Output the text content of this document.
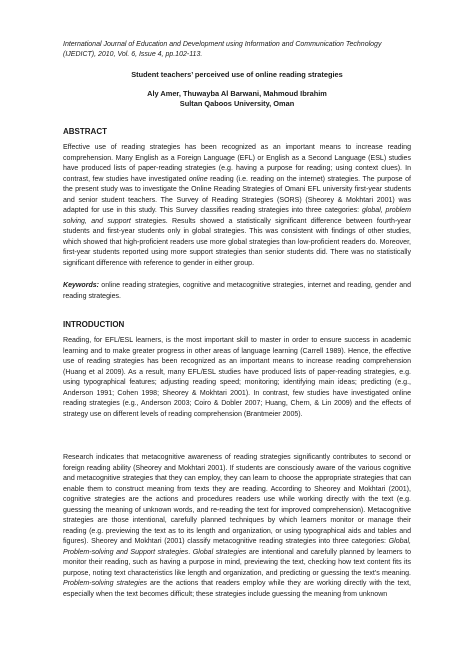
International Journal of Education and Development using Information and Communication Technology
(IJEDICT), 2010, Vol. 6, Issue 4, pp.102-113.
Student teachers’ perceived use of online reading strategies
Aly Amer, Thuwayba Al Barwani, Mahmoud Ibrahim
Sultan Qaboos University, Oman
ABSTRACT
Effective use of reading strategies has been recognized as an important means to increase reading comprehension. Many English as a Foreign Language (EFL) or English as a Second Language (ESL) studies have produced lists of paper-reading strategies (e.g. having a purpose for reading; using context clues). In contrast, few studies have investigated online reading (i.e. reading on the internet) strategies. The purpose of the present study was to investigate the Online Reading Strategies of Omani EFL university first-year students and senior student teachers. The Survey of Reading Strategies (SORS) (Sheorey & Mokhtari 2001) was adapted for use in this study. This Survey classifies reading strategies into three categories: global, problem solving, and support strategies. Results showed a statistically significant difference between fourth-year students and first-year students only in global strategies. This was consistent with findings of other studies, which showed that high-proficient readers use more global strategies than low-proficient readers do. Moreover, first-year students reported using more support strategies than senior students did. There was no statistically significant difference with reference to gender in either group.
Keywords: online reading strategies, cognitive and metacognitive strategies, internet and reading, gender and reading strategies.
INTRODUCTION
Reading, for EFL/ESL learners, is the most important skill to master in order to ensure success in academic learning and to make greater progress in other areas of language learning (Carrell 1989). Hence, the effective use of reading strategies has been recognized as an important means to increase reading comprehension (Huang et al 2009). As a result, many EFL/ESL studies have produced lists of paper-reading strategies, e.g. using typographical features; adjusting reading speed; monitoring; identifying main ideas; predicting (e.g., Anderson 1991; Cohen 1998; Sheorey & Mokhtari 2001). In contrast, few studies have investigated online reading strategies (e.g., Anderson 2003; Coiro & Dobler 2007; Huang, Chern, & Lin 2009) and the effects of strategy use on different levels of reading comprehension (Brantmeier 2005).
Research indicates that metacognitive awareness of reading strategies significantly contributes to second or foreign reading ability (Sheorey and Mokhtari 2001). If students are consciously aware of the various cognitive and metacognitive strategies that they can employ, they can learn to choose the appropriate strategies that can enable them to construct meaning from texts they are reading. According to Sheorey and Mokhtari (2001), cognitive strategies are the actions and procedures readers use while working directly with the text (e.g. guessing the meaning of unknown words, and re-reading the text for improved comprehension). Metacognitive strategies are those intentional, carefully planned techniques by which learners monitor or manage their reading (e.g. previewing the text as to its length and organization, or using typographical aids and tables and figures). Sheorey and Mokhtari (2001) classify metacognitive reading strategies into three categories: Global, Problem-solving and Support strategies. Global strategies are intentional and carefully planned by learners to monitor their reading, such as having a purpose in mind, previewing the text, checking how text content fits its purpose, noting text characteristics like length and organization, and predicting or guessing the text’s meaning. Problem-solving strategies are the actions that readers employ while they are working directly with the text, especially when the text becomes difficult; these strategies include guessing the meaning from unknown
